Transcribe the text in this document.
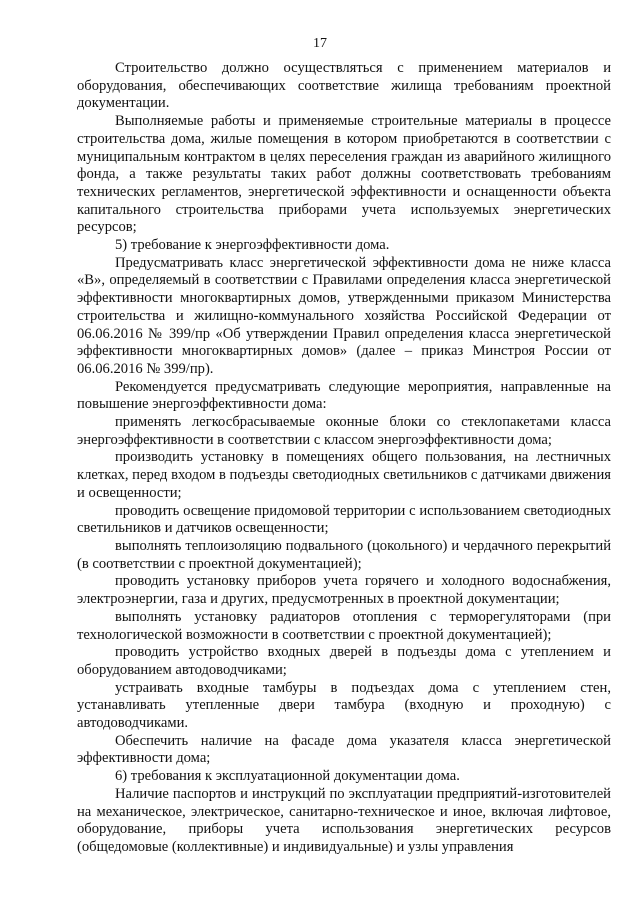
17

Строительство должно осуществляться с применением материалов и оборудования, обеспечивающих соответствие жилища требованиям проектной документации.

Выполняемые работы и применяемые строительные материалы в процессе строительства дома, жилые помещения в котором приобретаются в соответствии с муниципальным контрактом в целях переселения граждан из аварийного жилищного фонда, а также результаты таких работ должны соответствовать требованиям технических регламентов, энергетической эффективности и оснащенности объекта капитального строительства приборами учета используемых энергетических ресурсов;

5) требование к энергоэффективности дома.

Предусматривать класс энергетической эффективности дома не ниже класса «В», определяемый в соответствии с Правилами определения класса энергетической эффективности многоквартирных домов, утвержденными приказом Министерства строительства и жилищно-коммунального хозяйства Российской Федерации от 06.06.2016 № 399/пр «Об утверждении Правил определения класса энергетической эффективности многоквартирных домов» (далее – приказ Минстроя России от 06.06.2016 № 399/пр).

Рекомендуется предусматривать следующие мероприятия, направленные на повышение энергоэффективности дома:

применять легкосбрасываемые оконные блоки со стеклопакетами класса энергоэффективности в соответствии с классом энергоэффективности дома;

производить установку в помещениях общего пользования, на лестничных клетках, перед входом в подъезды светодиодных светильников с датчиками движения и освещенности;

проводить освещение придомовой территории с использованием светодиодных светильников и датчиков освещенности;

выполнять теплоизоляцию подвального (цокольного) и чердачного перекрытий (в соответствии с проектной документацией);

проводить установку приборов учета горячего и холодного водоснабжения, электроэнергии, газа и других, предусмотренных в проектной документации;

выполнять установку радиаторов отопления с терморегуляторами (при технологической возможности в соответствии с проектной документацией);

проводить устройство входных дверей в подъезды дома с утеплением и оборудованием автодоводчиками;

устраивать входные тамбуры в подъездах дома с утеплением стен, устанавливать утепленные двери тамбура (входную и проходную) с автодоводчиками.

Обеспечить наличие на фасаде дома указателя класса энергетической эффективности дома;

6) требования к эксплуатационной документации дома.

Наличие паспортов и инструкций по эксплуатации предприятий-изготовителей на механическое, электрическое, санитарно-техническое и иное, включая лифтовое, оборудование, приборы учета использования энергетических ресурсов (общедомовые (коллективные) и индивидуальные) и узлы управления
